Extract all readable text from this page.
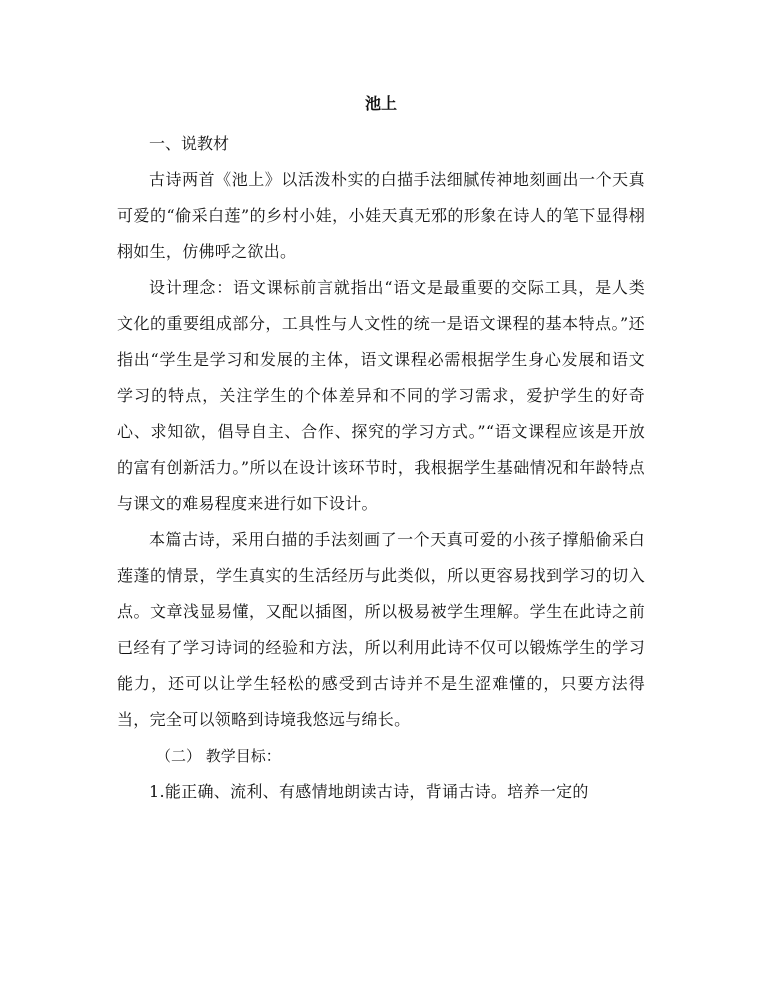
池上

一、说教材

古诗两首《池上》以活泼朴实的白描手法细腻传神地刻画出一个天真可爱的“偷采白莲”的乡村小娃，小娃天真无邪的形象在诗人的笔下显得栩栩如生，仿佛呼之欲出。

设计理念：语文课标前言就指出“语文是最重要的交际工具，是人类文化的重要组成部分，工具性与人文性的统一是语文课程的基本特点。”还指出“学生是学习和发展的主体，语文课程必需根据学生身心发展和语文学习的特点，关注学生的个体差异和不同的学习需求，爱护学生的好奇心、求知欲，倡导自主、合作、探究的学习方式。”“语文课程应该是开放的富有创新活力。”所以在设计该环节时，我根据学生基础情况和年龄特点与课文的难易程度来进行如下设计。

本篇古诗，采用白描的手法刻画了一个天真可爱的小孩子撑船偷采白莲蓬的情景，学生真实的生活经历与此类似，所以更容易找到学习的切入点。文章浅显易懂，又配以插图，所以极易被学生理解。学生在此诗之前已经有了学习诗词的经验和方法，所以利用此诗不仅可以锻炼学生的学习能力，还可以让学生轻松的感受到古诗并不是生涩难懂的，只要方法得当，完全可以领略到诗境我悠远与绵长。

（二） 教学目标：

1.能正确、流利、有感情地朗读古诗，背诵古诗。培养一定的
